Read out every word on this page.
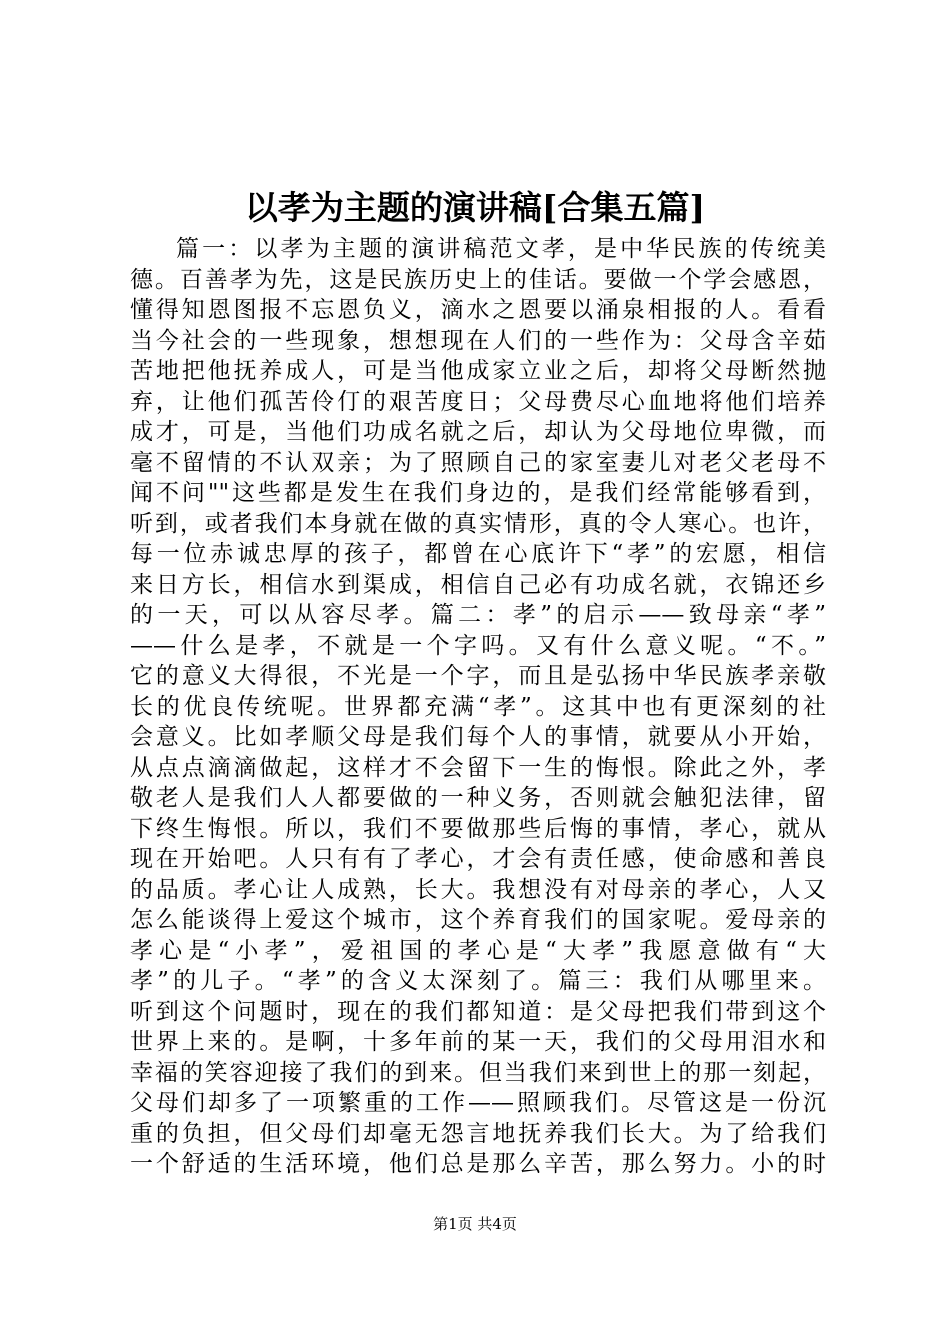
以孝为主题的演讲稿[合集五篇]
篇一：以孝为主题的演讲稿范文孝，是中华民族的传统美
德。百善孝为先，这是民族历史上的佳话。要做一个学会感恩，
懂得知恩图报不忘恩负义，滴水之恩要以涌泉相报的人。看看
当今社会的一些现象，想想现在人们的一些作为：父母含辛茹
苦地把他抚养成人，可是当他成家立业之后，却将父母断然抛
弃，让他们孤苦伶仃的艰苦度日；父母费尽心血地将他们培养
成才，可是，当他们功成名就之后，却认为父母地位卑微，而
毫不留情的不认双亲；为了照顾自己的家室妻儿对老父老母不
闻不问""这些都是发生在我们身边的，是我们经常能够看到，
听到，或者我们本身就在做的真实情形，真的令人寒心。也许，
每一位赤诚忠厚的孩子，都曾在心底许下“孝”的宏愿，相信
来日方长，相信水到渠成，相信自己必有功成名就，衣锦还乡
的一天，可以从容尽孝。篇二：孝”的启示——致母亲“孝”
——什么是孝，不就是一个字吗。又有什么意义呢。“不。”
它的意义大得很，不光是一个字，而且是弘扬中华民族孝亲敬
长的优良传统呢。世界都充满“孝”。这其中也有更深刻的社
会意义。比如孝顺父母是我们每个人的事情，就要从小开始，
从点点滴滴做起，这样才不会留下一生的悔恨。除此之外，孝
敬老人是我们人人都要做的一种义务，否则就会触犯法律，留
下终生悔恨。所以，我们不要做那些后悔的事情，孝心，就从
现在开始吧。人只有有了孝心，才会有责任感，使命感和善良
的品质。孝心让人成熟，长大。我想没有对母亲的孝心，人又
怎么能谈得上爱这个城市，这个养育我们的国家呢。爱母亲的
孝心是“小孝”，爱祖国的孝心是“大孝”我愿意做有“大
孝”的儿子。“孝”的含义太深刻了。篇三：我们从哪里来。
听到这个问题时，现在的我们都知道：是父母把我们带到这个
世界上来的。是啊，十多年前的某一天，我们的父母用泪水和
幸福的笑容迎接了我们的到来。但当我们来到世上的那一刻起，
父母们却多了一项繁重的工作——照顾我们。尽管这是一份沉
重的负担，但父母们却毫无怨言地抚养我们长大。为了给我们
一个舒适的生活环境，他们总是那么辛苦，那么努力。小的时
第1页 共4页
